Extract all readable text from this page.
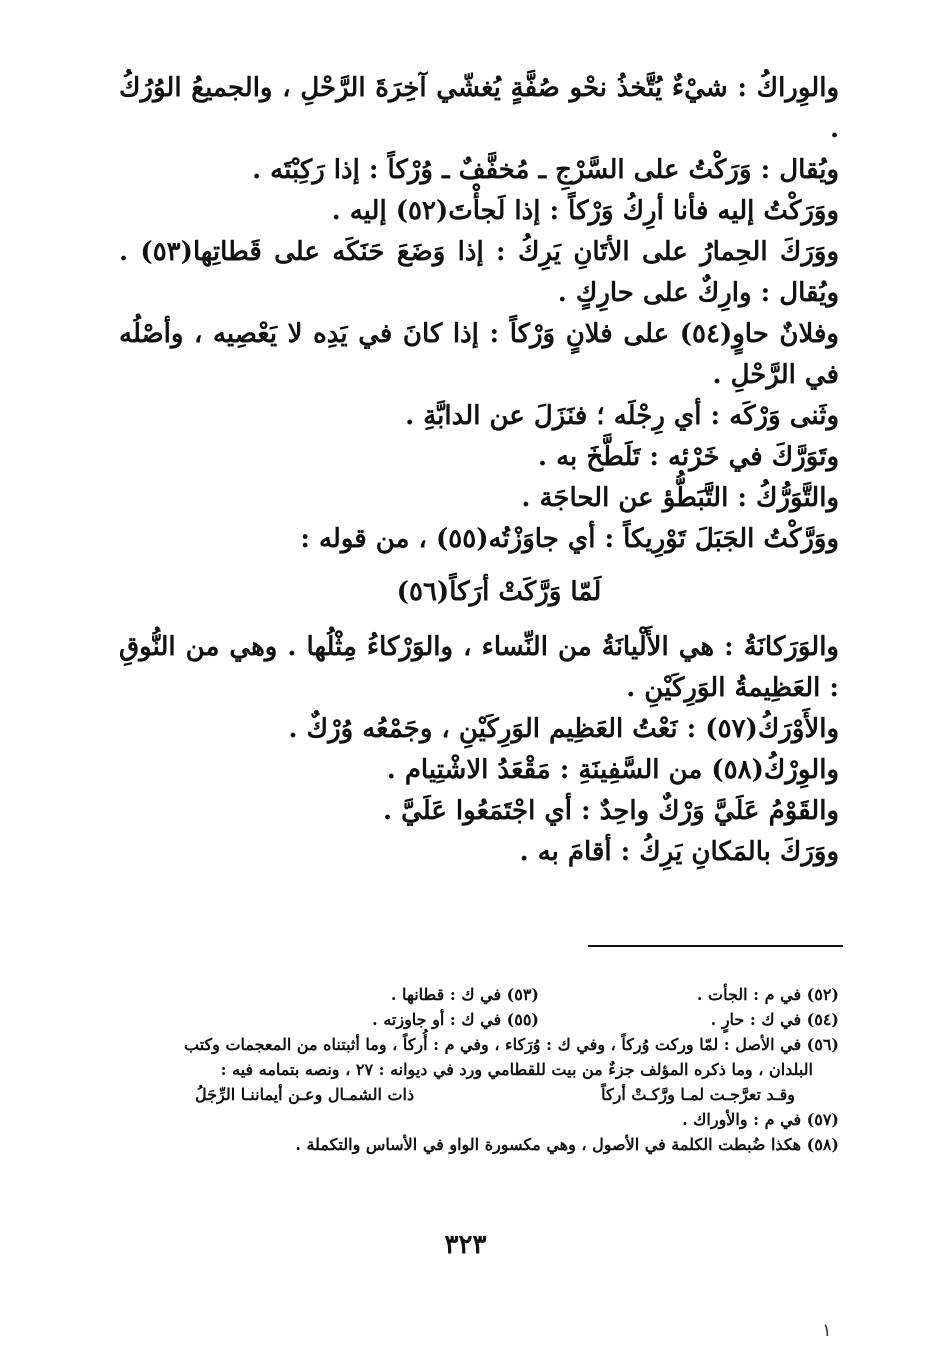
والوِراكُ : شيْءٌ يُتَّخذُ نحْو صُفَّةٍ يُغشّي آخِرَةَ الرَّحْلِ ، والجميعُ الوُرُكُ .

ويُقال : وَرَكْتُ على السَّرْجِ ـ مُخفَّفٌ ـ وُرْكاً : إذا رَكِبْتَه .

ووَرَكْتُ إليه فأنا أرِكُ وَرْكاً : إذا لَجأْتَ(٥٢) إليه .

ووَرَكَ الحِمارُ على الأتَانِ يَرِكُ : إذا وَضَعَ حَنَكَه على قَطاتِها(٥٣) . ويُقال : وارِكٌ على حارِكٍ .

وفلانٌ حاوٍ(٥٤) على فلانٍ وَرْكاً : إذا كانَ في يَدِه لا يَعْصِيه ، وأصْلُه في الرَّحْلِ .

وثَنى وَرْكَه : أي رِجْلَه ؛ فنَزَلَ عن الدابَّةِ .

وتَوَرَّكَ في خَرْئه : تَلَطَّخَ به .

والتَّوَرُّكُ : التَّبَطُّؤ عن الحاجَة .

ووَرَّكْتُ الجَبَلَ تَوْرِيكاً : أي جاوَزْتُه(٥٥) ، من قوله :

لَمّا وَرَّكَتْ أرَكاً(٥٦)

والوَرَكانَةُ : هي الأَلْيانَةُ من النِّساء ، والوَرْكاءُ مِثْلُها . وهي من النُّوقِ : العَظِيمةُ الوَرِكَيْنِ .

والأَوْرَكُ(٥٧) : نَعْتُ العَظِيم الوَرِكَيْنِ ، وجَمْعُه وُرْكٌ .

والوِرْكُ(٥٨) من السَّفِينَةِ : مَقْعَدُ الاشْتِيام .

والقَوْمُ عَلَيَّ وَرْكٌ واحِدٌ : أي اجْتَمَعُوا عَلَيَّ .

ووَرَكَ بالمَكانِ يَرِكُ : أقامَ به .

(٥٢) في م : الجأت .
(٥٣) في ك : قطانها .
(٥٤) في ك : حارٍ .
(٥٥) في ك : أو جاوزته .

(٥٦) في الأصل : لمّا وركت وُركاً ، وفي ك : وُرَكاء ، وفي م : أُركاً ، وما أثبتناه من المعجمات وكتب

البلدان ، وما ذكره المؤلف جزءٌ من بيت للقطامي ورد في ديوانه : ٢٧ ، ونصه بتمامه فيه :

وقـد تعرَّجـت لمـا ورَّكـتْ أركاً
ذات الشمـال وعـن أيماننـا الرِّجَلُ

(٥٧) في م : والأوراك .

(٥٨) هكذا ضُبطت الكلمة في الأصول ، وهي مكسورة الواو في الأساس والتكملة .

٣٢٣
١
